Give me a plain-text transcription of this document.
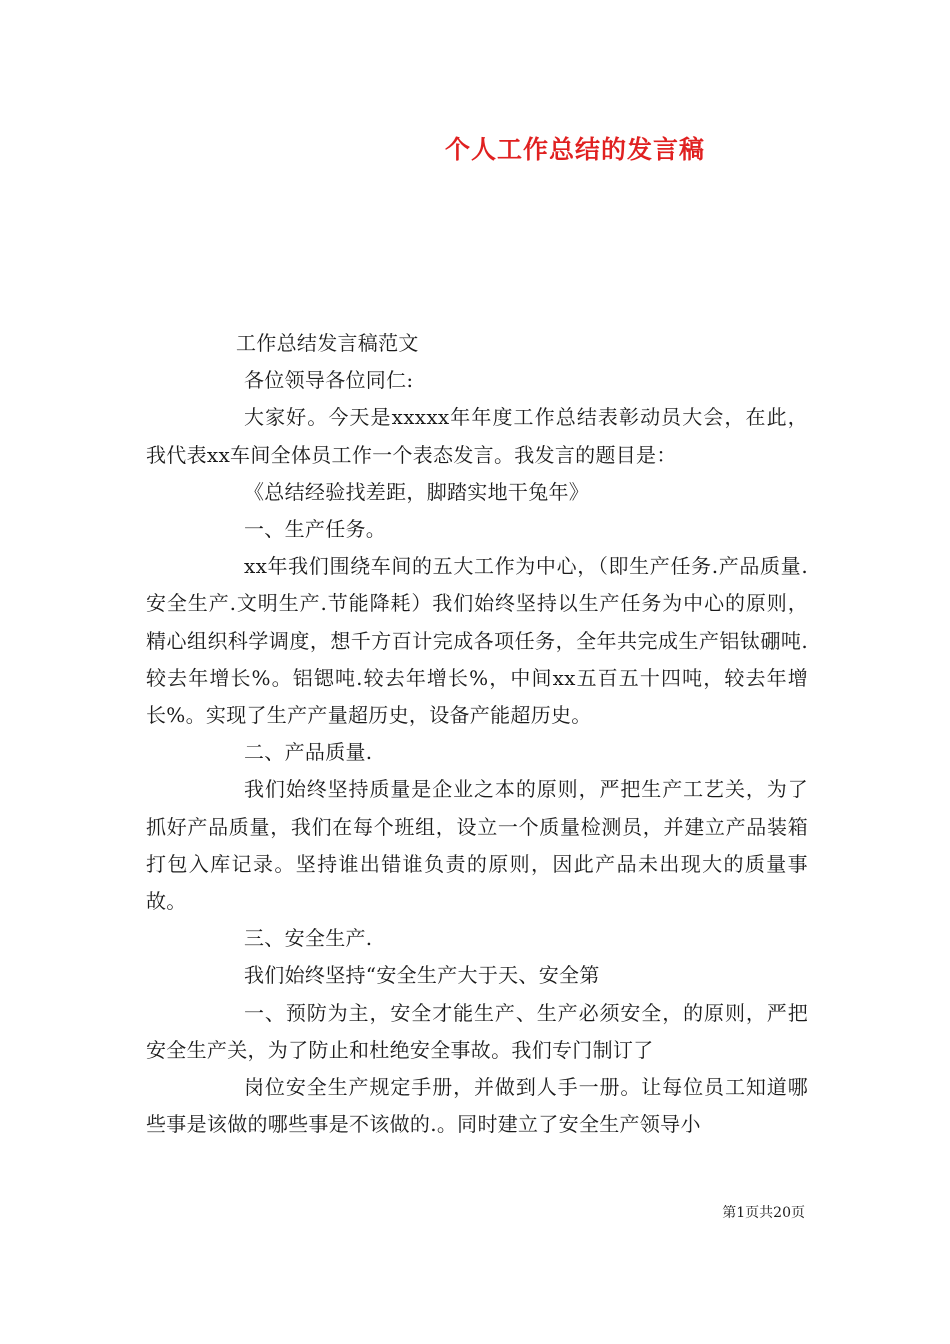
个人工作总结的发言稿

工作总结发言稿范文

各位领导各位同仁:

大家好。今天是xxxxx年年度工作总结表彰动员大会，在此，我代表xx车间全体员工作一个表态发言。我发言的题目是：

《总结经验找差距，脚踏实地干兔年》

一、生产任务。

xx年我们围绕车间的五大工作为中心，（即生产任务.产品质量.安全生产.文明生产.节能降耗）我们始终坚持以生产任务为中心的原则，精心组织科学调度，想千方百计完成各项任务，全年共完成生产铝钛硼吨.较去年增长%。铝锶吨.较去年增长%，中间xx五百五十四吨，较去年增长%。实现了生产产量超历史，设备产能超历史。

二、产品质量.

我们始终坚持质量是企业之本的原则，严把生产工艺关，为了抓好产品质量，我们在每个班组，设立一个质量检测员，并建立产品装箱打包入库记录。坚持谁出错谁负责的原则，因此产品未出现大的质量事故。

三、安全生产.

我们始终坚持“安全生产大于天、安全第

一、预防为主，安全才能生产、生产必须安全，的原则，严把安全生产关，为了防止和杜绝安全事故。我们专门制订了

岗位安全生产规定手册，并做到人手一册。让每位员工知道哪些事是该做的哪些事是不该做的.。同时建立了安全生产领导小

第1页共20页
